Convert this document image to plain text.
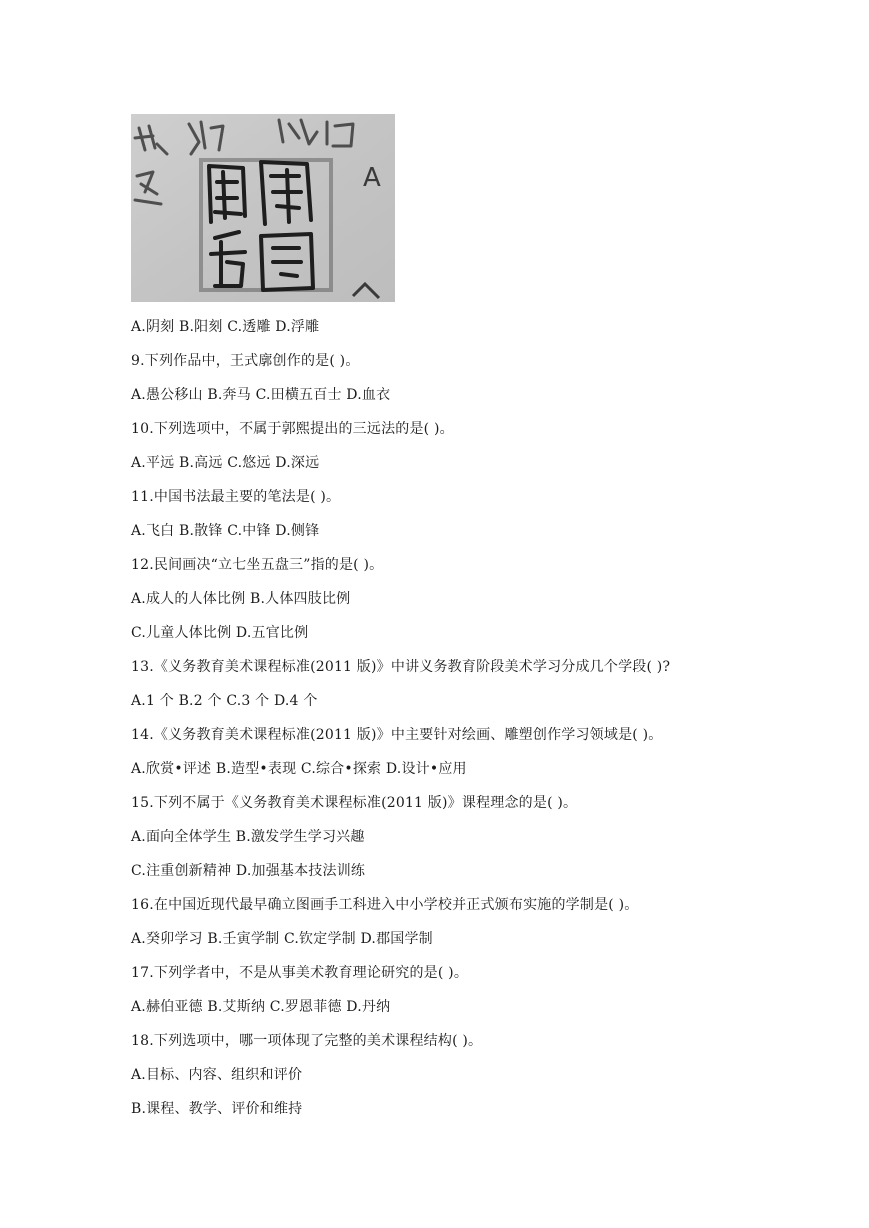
A
A.阴刻 B.阳刻 C.透雕 D.浮雕
9.下列作品中，王式廓创作的是( )。
A.愚公移山 B.奔马 C.田横五百士 D.血衣
10.下列选项中，不属于郭熙提出的三远法的是( )。
A.平远 B.高远 C.悠远 D.深远
11.中国书法最主要的笔法是( )。
A.飞白 B.散锋 C.中锋 D.侧锋
12.民间画决“立七坐五盘三”指的是( )。
A.成人的人体比例 B.人体四肢比例
C.儿童人体比例 D.五官比例
13.《义务教育美术课程标准(2011 版)》中讲义务教育阶段美术学习分成几个学段( )?
A.1 个 B.2 个 C.3 个 D.4 个
14.《义务教育美术课程标准(2011 版)》中主要针对绘画、雕塑创作学习领域是( )。
A.欣赏•评述 B.造型•表现 C.综合•探索 D.设计•应用
15.下列不属于《义务教育美术课程标准(2011 版)》课程理念的是( )。
A.面向全体学生 B.激发学生学习兴趣
C.注重创新精神 D.加强基本技法训练
16.在中国近现代最早确立图画手工科进入中小学校并正式颁布实施的学制是( )。
A.癸卯学习 B.壬寅学制 C.钦定学制 D.郡国学制
17.下列学者中，不是从事美术教育理论研究的是( )。
A.赫伯亚德 B.艾斯纳 C.罗恩菲德 D.丹纳
18.下列选项中，哪一项体现了完整的美术课程结构( )。
A.目标、内容、组织和评价
B.课程、教学、评价和维持
